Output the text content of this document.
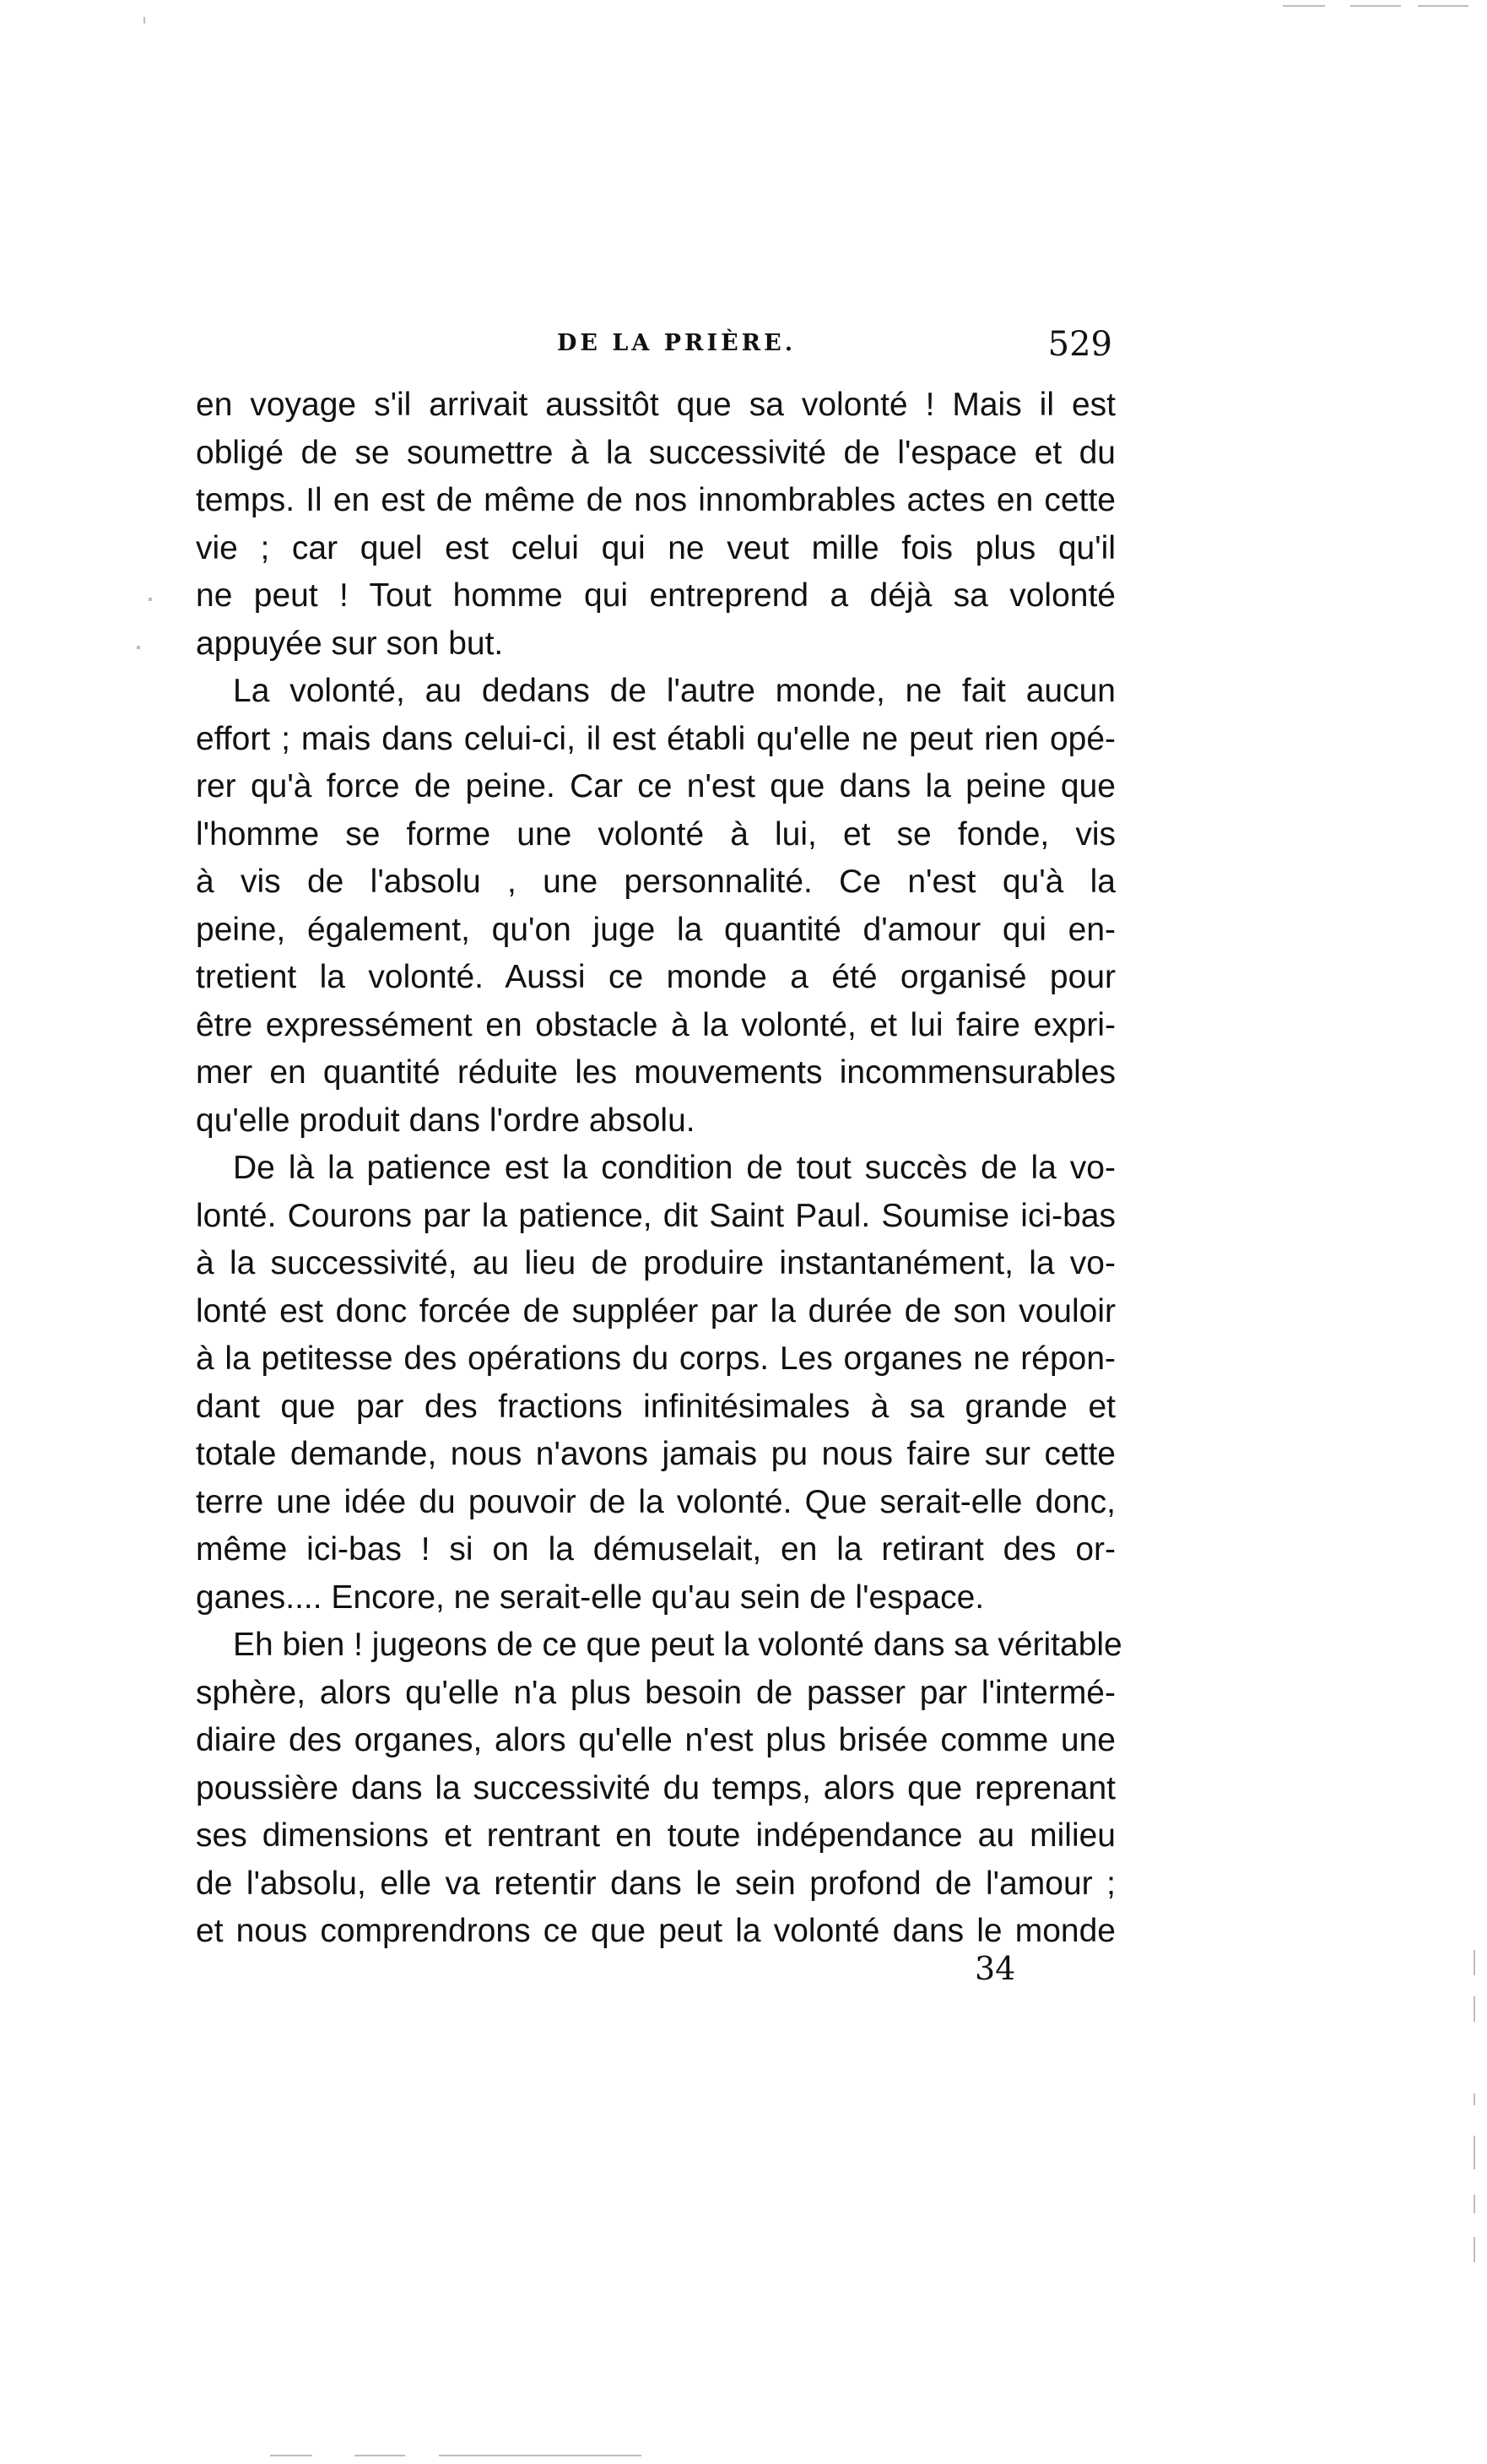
DE LA PRIÈRE.	529
en voyage s'il arrivait aussitôt que sa volonté ! Mais il est
obligé de se soumettre à la successivité de l'espace et du
temps. Il en est de même de nos innombrables actes en cette
vie ; car quel est celui qui ne veut mille fois plus qu'il
ne peut ! Tout homme qui entreprend a déjà sa volonté
appuyée sur son but.
La volonté, au dedans de l'autre monde, ne fait aucun
effort ; mais dans celui-ci, il est établi qu'elle ne peut rien opé-
rer qu'à force de peine. Car ce n'est que dans la peine que
l'homme se forme une volonté à lui, et se fonde, vis
à vis de l'absolu , une personnalité. Ce n'est qu'à la
peine, également, qu'on juge la quantité d'amour qui en-
tretient la volonté. Aussi ce monde a été organisé pour
être expressément en obstacle à la volonté, et lui faire expri-
mer en quantité réduite les mouvements incommensurables
qu'elle produit dans l'ordre absolu.
De là la patience est la condition de tout succès de la vo-
lonté. Courons par la patience, dit Saint Paul. Soumise ici-bas
à la successivité, au lieu de produire instantanément, la vo-
lonté est donc forcée de suppléer par la durée de son vouloir
à la petitesse des opérations du corps. Les organes ne répon-
dant que par des fractions infinitésimales à sa grande et
totale demande, nous n'avons jamais pu nous faire sur cette
terre une idée du pouvoir de la volonté. Que serait-elle donc,
même ici-bas ! si on la démuselait, en la retirant des or-
ganes.... Encore, ne serait-elle qu'au sein de l'espace.
Eh bien ! jugeons de ce que peut la volonté dans sa véritable
sphère, alors qu'elle n'a plus besoin de passer par l'intermé-
diaire des organes, alors qu'elle n'est plus brisée comme une
poussière dans la successivité du temps, alors que reprenant
ses dimensions et rentrant en toute indépendance au milieu
de l'absolu, elle va retentir dans le sein profond de l'amour ;
et nous comprendrons ce que peut la volonté dans le monde
34
